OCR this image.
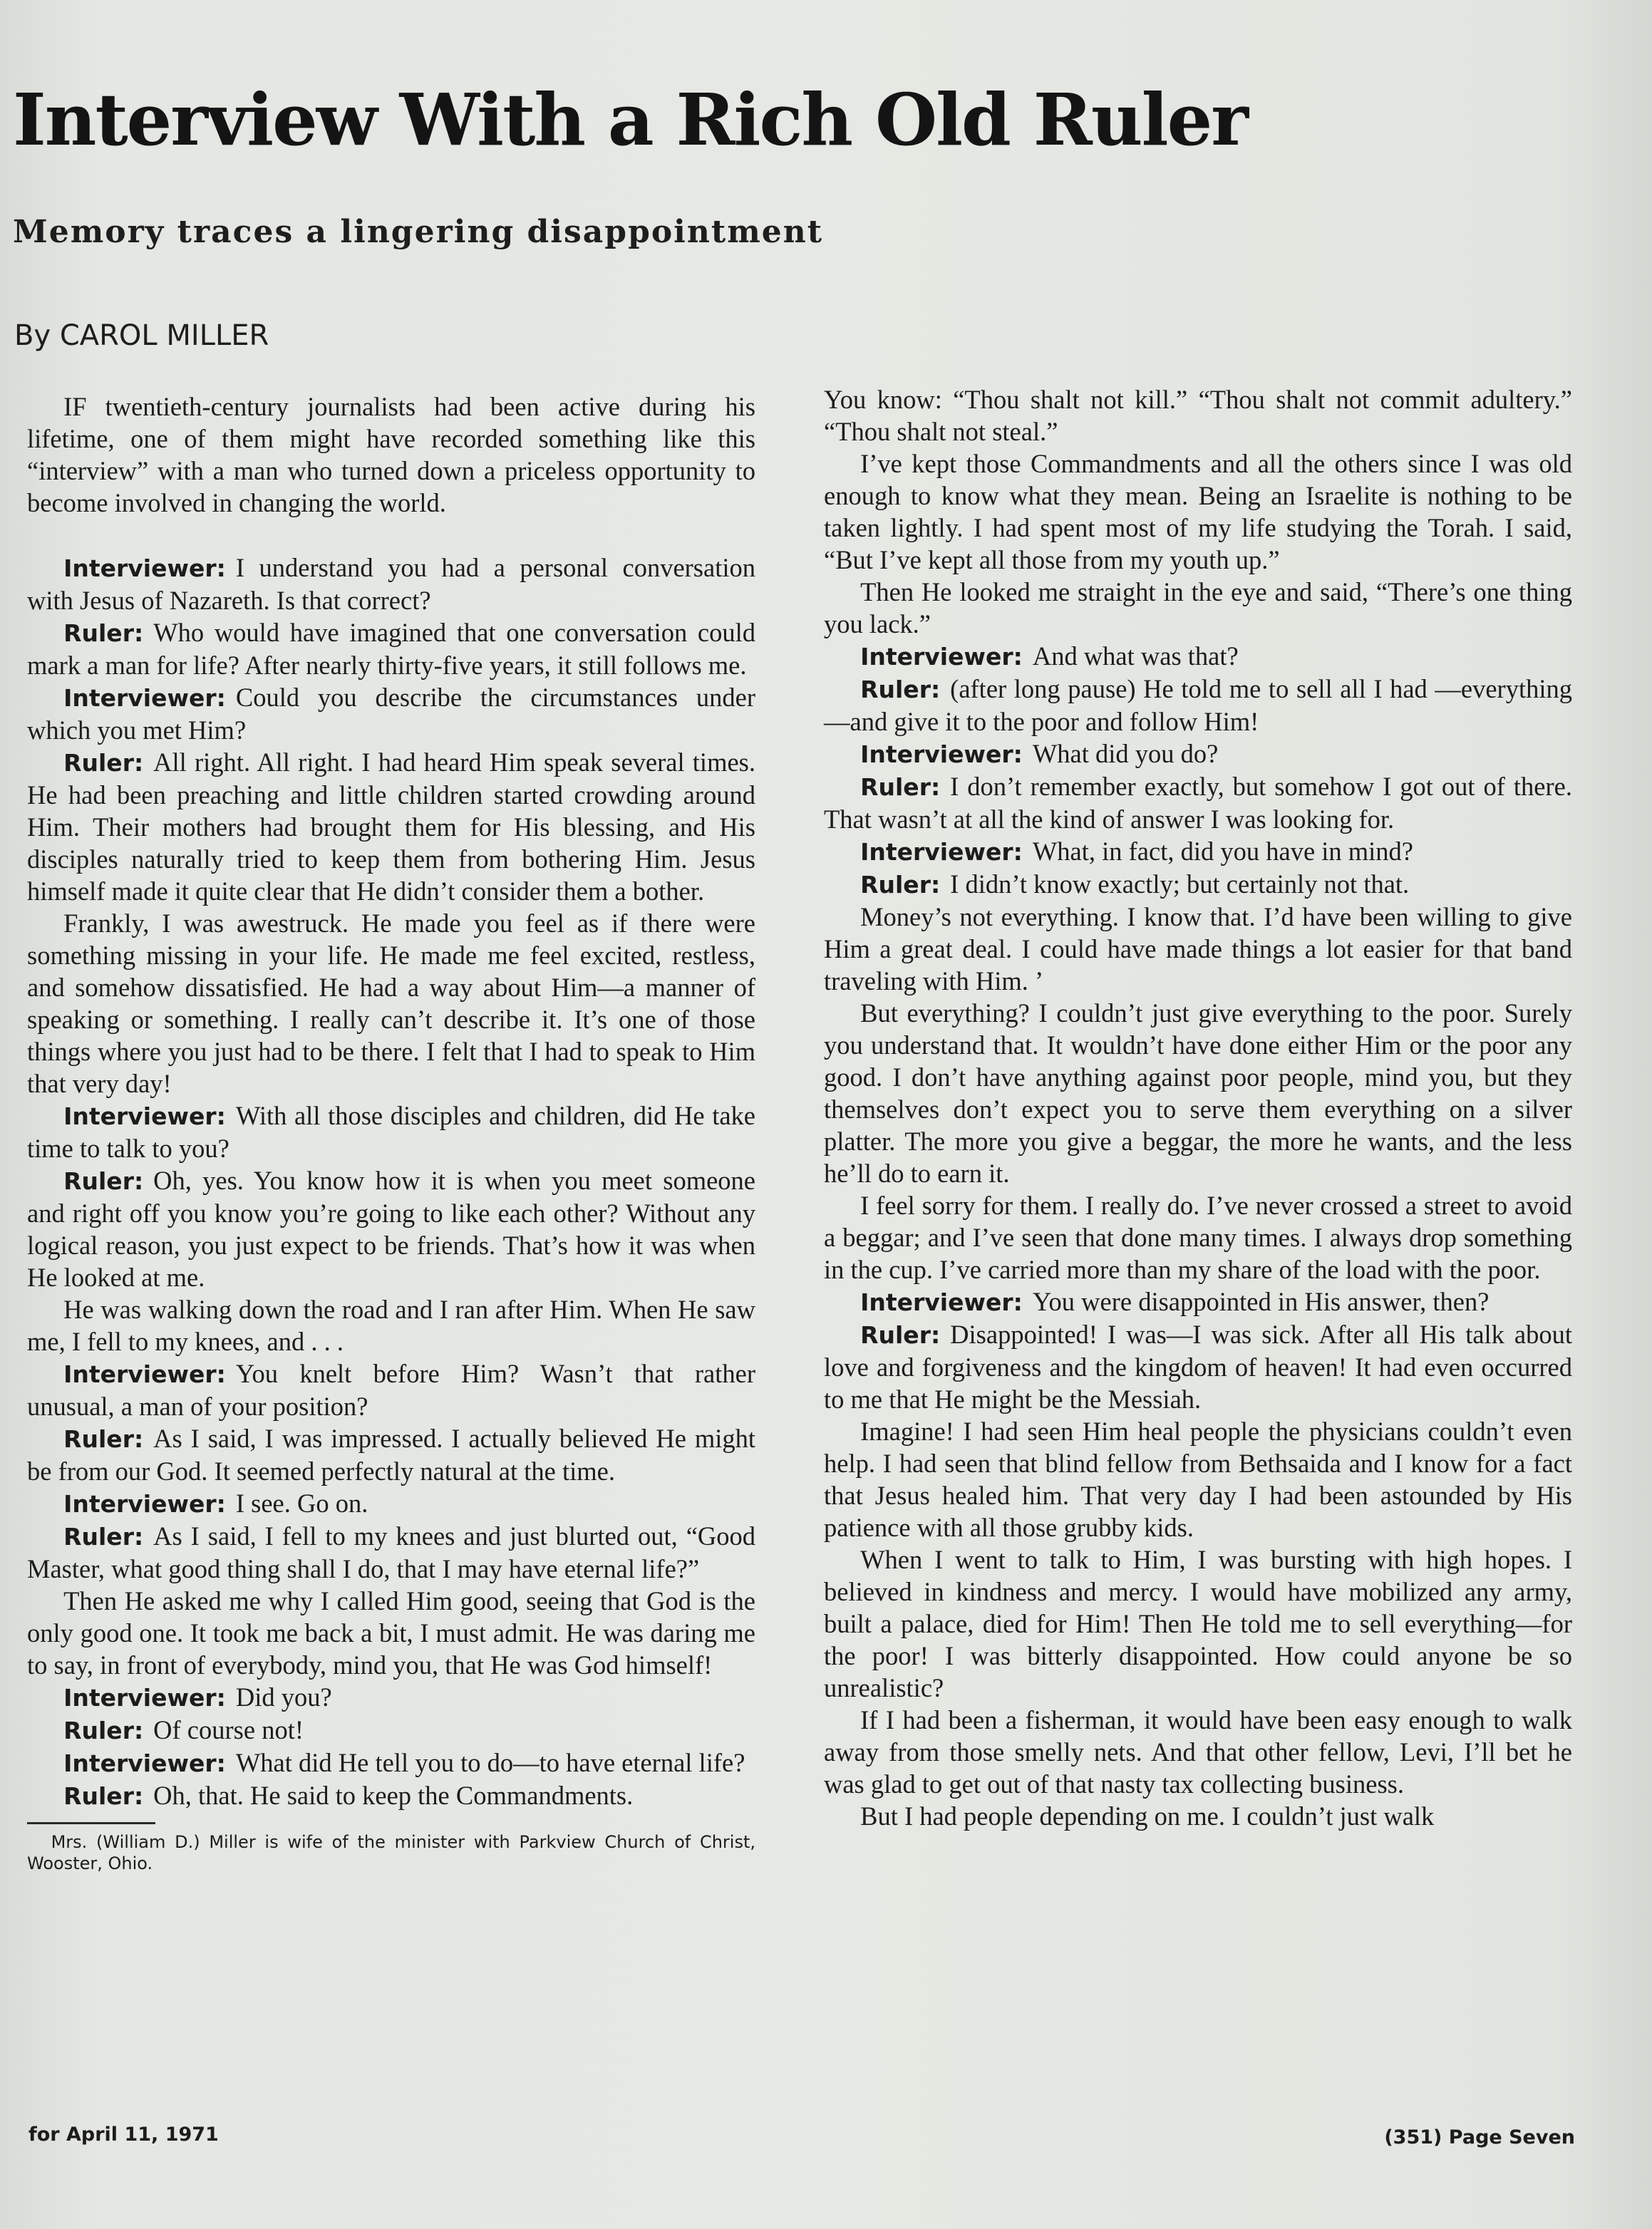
Interview With a Rich Old Ruler
Memory traces a lingering disappointment
By CAROL MILLER

IF twentieth-century journalists had been active during his lifetime, one of them might have recorded something like this “interview” with a man who turned down a priceless opportunity to become involved in changing the world.

Interviewer: I understand you had a personal conversation with Jesus of Nazareth. Is that correct?

Ruler: Who would have imagined that one conversation could mark a man for life? After nearly thirty-five years, it still follows me.

Interviewer: Could you describe the circumstances under which you met Him?

Ruler: All right. All right. I had heard Him speak several times. He had been preaching and little children started crowding around Him. Their mothers had brought them for His blessing, and His disciples naturally tried to keep them from bothering Him. Jesus himself made it quite clear that He didn’t consider them a bother.

Frankly, I was awestruck. He made you feel as if there were something missing in your life. He made me feel excited, restless, and somehow dissatisfied. He had a way about Him—a manner of speaking or something. I really can’t describe it. It’s one of those things where you just had to be there. I felt that I had to speak to Him that very day!

Interviewer: With all those disciples and children, did He take time to talk to you?

Ruler: Oh, yes. You know how it is when you meet someone and right off you know you’re going to like each other? Without any logical reason, you just expect to be friends. That’s how it was when He looked at me.

He was walking down the road and I ran after Him. When He saw me, I fell to my knees, and . . .

Interviewer: You knelt before Him? Wasn’t that rather unusual, a man of your position?

Ruler: As I said, I was impressed. I actually believed He might be from our God. It seemed perfectly natural at the time.

Interviewer: I see. Go on.

Ruler: As I said, I fell to my knees and just blurted out, “Good Master, what good thing shall I do, that I may have eternal life?”

Then He asked me why I called Him good, seeing that God is the only good one. It took me back a bit, I must admit. He was daring me to say, in front of everybody, mind you, that He was God himself!

Interviewer: Did you?

Ruler: Of course not!

Interviewer: What did He tell you to do—to have eternal life?

Ruler: Oh, that. He said to keep the Commandments.

Mrs. (William D.) Miller is wife of the minister with Parkview Church of Christ, Wooster, Ohio.

You know: “Thou shalt not kill.” “Thou shalt not commit adultery.” “Thou shalt not steal.”

I’ve kept those Commandments and all the others since I was old enough to know what they mean. Being an Israelite is nothing to be taken lightly. I had spent most of my life studying the Torah. I said, “But I’ve kept all those from my youth up.”

Then He looked me straight in the eye and said, “There’s one thing you lack.”

Interviewer: And what was that?

Ruler: (after long pause) He told me to sell all I had —everything—and give it to the poor and follow Him!

Interviewer: What did you do?

Ruler: I don’t remember exactly, but somehow I got out of there. That wasn’t at all the kind of answer I was looking for.

Interviewer: What, in fact, did you have in mind?

Ruler: I didn’t know exactly; but certainly not that.

Money’s not everything. I know that. I’d have been willing to give Him a great deal. I could have made things a lot easier for that band traveling with Him. ’

But everything? I couldn’t just give everything to the poor. Surely you understand that. It wouldn’t have done either Him or the poor any good. I don’t have anything against poor people, mind you, but they themselves don’t expect you to serve them everything on a silver platter. The more you give a beggar, the more he wants, and the less he’ll do to earn it.

I feel sorry for them. I really do. I’ve never crossed a street to avoid a beggar; and I’ve seen that done many times. I always drop something in the cup. I’ve carried more than my share of the load with the poor.

Interviewer: You were disappointed in His answer, then?

Ruler: Disappointed! I was—I was sick. After all His talk about love and forgiveness and the kingdom of heaven! It had even occurred to me that He might be the Messiah.

Imagine! I had seen Him heal people the physicians couldn’t even help. I had seen that blind fellow from Bethsaida and I know for a fact that Jesus healed him. That very day I had been astounded by His patience with all those grubby kids.

When I went to talk to Him, I was bursting with high hopes. I believed in kindness and mercy. I would have mobilized any army, built a palace, died for Him! Then He told me to sell everything—for the poor! I was bitterly disappointed. How could anyone be so unrealistic?

If I had been a fisherman, it would have been easy enough to walk away from those smelly nets. And that other fellow, Levi, I’ll bet he was glad to get out of that nasty tax collecting business.

But I had people depending on me. I couldn’t just walk

for April 11, 1971	(351) Page Seven
